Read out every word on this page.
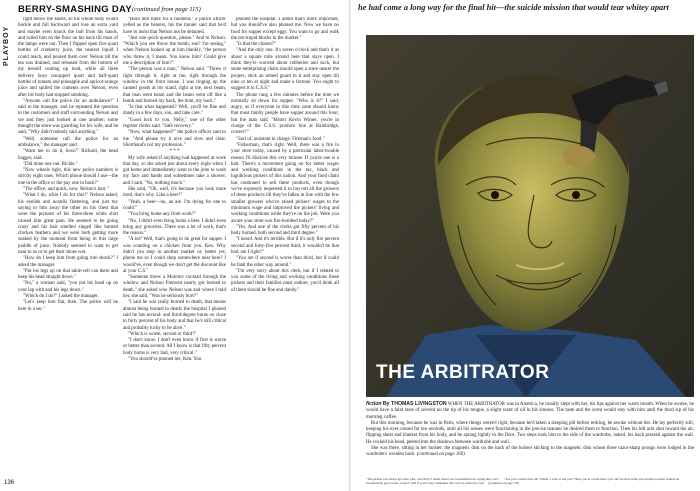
PLAYBOY
BERRY-SMASHING DAY (continued from page 115)

right below the knees, so his whole body would buckle and fall backward and lose an extra yard and maybe even knock the ball from his hands, and rolled him on the floor on his back till most of the lamps were out. Then I flipped open five quart bottles of cranberry juice, the nearest liquid I could reach, and poured them over Nelson till the tea was drained, and released from the bottom of my herself coming up loud, while all three delivery boys uncapped quart and half-quart bottles of tomato and pineapple and apricot-orange juice and spilled the contents over Nelson, even after his body had stopped smoking.

"Anyone call the police for an ambulance?" I said to the manager, and he repeated the question to the customers and staff surrounding Nelson and we and they just looked at one another; some thought the store was guarding for his wife, and he said, "Why didn't nobody said anything."

"Well, someone call the police for an ambulance," the manager said.

"Want me to do it, boss?" Richard, the head bagger, said.

"Did mine one run. Richie."

"Now wheels right, this new police numbers is strictly eight ones. Which phone should I use—the one in the office or the pay one in back?"

"The office, and quick, now. Nelson's hurt."

"What I do, what I do for this?" Nelson asked, his eyelids and nostrils fluttering, and just my saying to him away the other on his chest that were the pictures of his three-three white shirt caused him great pain. He seemed to be going crazy and his hair smelled singed like burned chicken feathers and we were both getting more soaked by the moment from being in this large puddle of juice. Nobody seemed to want to get near to us or to get their shoes wet.

"How do I keep him from going into shock?" I asked the manager.

"Put his legs up on that table-cell can there and keep his head straight down."

"No," a woman said, "you put his head up on your lap with and his legs down."

"Which do I do?" I asked the manager.

"Let's keep him flat, then. The police will be here in a sec."

"Hold him there for a moment," a police officer yelled as the bearers, his the tinnier said that he'd have to insist that Nelson not be detained.

"Just one quick question, please." And to Nelson: "Which you see throw the bomb, son? I'm seeing," when Nelson looked up at him blankly, "the person who threw it, I mean. You know him? Could give me a description of him?"

"The person was a man," Nelson said. "Threw it right through it, right at me, right through the window in the front house. I was ringing up the canned goods at my stand, right at me, next beam, that man went beam and the beam went off like a bomb and burned my back, the bum, my back."

"Is that what happened? Well, you'll be fine and dandy in a few days, son, and take care."

"Good luck to you, Nelly," one of the other register clerks said. "Safe recovery."

"Now, what happened?" the police officer said to me. "And please try it nice and slow and clear. Shorthand's not my profession."

* * *

My wife asked if anything had happened at work that day, so she asked just about every night when I got home and immediately went to the john to wash my face and hands and sometimes take a shower, and I said, "No, nothing much."

She said, "Oh, well, it's because you look more tired, that's why. Like a beer?"

"Yeah, a beer—no, an ale. I'm dying for one to could."

"You bring home any from work?"

"No, I didn't even bring home a beer. I didn't even bring any groceries. There was a lot of work, that's the reason."

"A lot? Well, that's going to do great for supper. I was counting on a chicken from you. Ken. Why didn't you stop in another market or, better yet, phone me so I could shop somewhere near here? I would've, even though we don't get the discount like at your C.S."

"Someone threw a Molotov cocktail through the window and Nelson Fremont nearly got burned to death," she asked who Nelson was and where I told her, she said, "Was he seriously hurt?"

"I said he was really burned to death, that means almost being burned to death; the hospital I phoned said he has second- and third-degree burns on close to forty percent of his body and that he's still critical and probably lucky to be alive."

"Which is worse, second or third?"

"I don't know. I don't even know if first is worse or better than second. All I know is that fifty percent body burns is very bad, very critical."

"You should've phoned me, Ken. You

phoned the hospital. I admit that's more important, but you should've also phoned me. Now we have no food for supper except eggs. You want to go and walk the ten stupid blocks to the market."

"Is that the closest?"

"And the only one. It's seven o'clock and that's it as about a square mile around here that stays open. I think they're worried about robberies and such, but some enterprising chain should open a store nearer the project, stick an armed guard in it and stay open till nine or ten at night and make a fortune. You ought to suggest it to C.S.S."

The phone rang a few minutes before the time we normally sit down for supper. "Who is it?" I said, angry, as if everyone in this time zone should know that most family people have supper around this hour, but the man said, "Mister Kevin Wimer, you're in charge of the C.S.S. produce line at Bainbridge, correct?"

"Sort of, assistant in charge. Fireman's food."

"Fisherman, that's right. Well, there was a fire in your store today, caused by a particular labor-trouble reason I'll disclose this very minute. If you're one is a halt. There's a movement going on for better wages and working conditions in the tax, black and lugubrious pickers of this nation. And your food chain has continued to sell these products, even though we've expressly requested it to boycott all the growers of these products till they've fallen in line with the few smaller growers who've raised pickers' wages to the minimum wage and improved the pickers' living and working conditions while they're on the job. Were you aware your store was fire-bombed today?"

"Yes. And one of the clerks got fifty percent of his body burned, both second and third degree."

"I heard. And it's terrible. But if it's only fire percent second and forty-five percent third, it wouldn't be that bad, am I right?"

"You are if second is worse than third, but if could be fatal the other way around."

"I'm very sorry about this clerk, but if I related to you some of the living and working conditions these pickers and their families must endure, you'd think all of them should be fine and dandy."

136
he had come a long way for the final hit—the suicide mission that would tear whitey apart
THE ARBITRATOR

fiction By THOMAS LIVINGSTON WHEN THE ARBITRATOR was in America, he usually slept with her, his lips against her warm mouth. When he awoke, he would have a faint taste of solvent on the tip of his tongue, a slight scent of oil in his sinuses. The taste and the scent would stay with him until the third sip of his morning coffee.

But this morning, because he was in Paris, where things weren't right, because he'd taken a sleeping pill before retiring, he awoke without her. He lay perfectly still, keeping his eyes closed for ten seconds, until all his senses were functioning in the precise manner he desired them to function. Then his left arm shot toward the air, flipping sheet and blanket from his body, and he sprang lightly to the floor. Two steps took him to the side of the wardrobe, naked, his back pressed against the wall. He cocked his head, peered into the shadows between wardrobe and wall.

She was there, sitting in her holster, the magnetic disk on the back of the holster sticking to the magnetic disk whose three razor-sharp prongs were lodged in the wardrobe's wooden back. (continued on page 160)

"The pickers can always get other jobs, can't they? I mean, there's no Government law saying they can't." "Are you a senior man, Mr. Wimer, I want to ask you? Then, you of course know you can't be fired from your present position without an exceptionally good cause, correct? And if you've any complaints that can't be settled by your (continued on page 178)
